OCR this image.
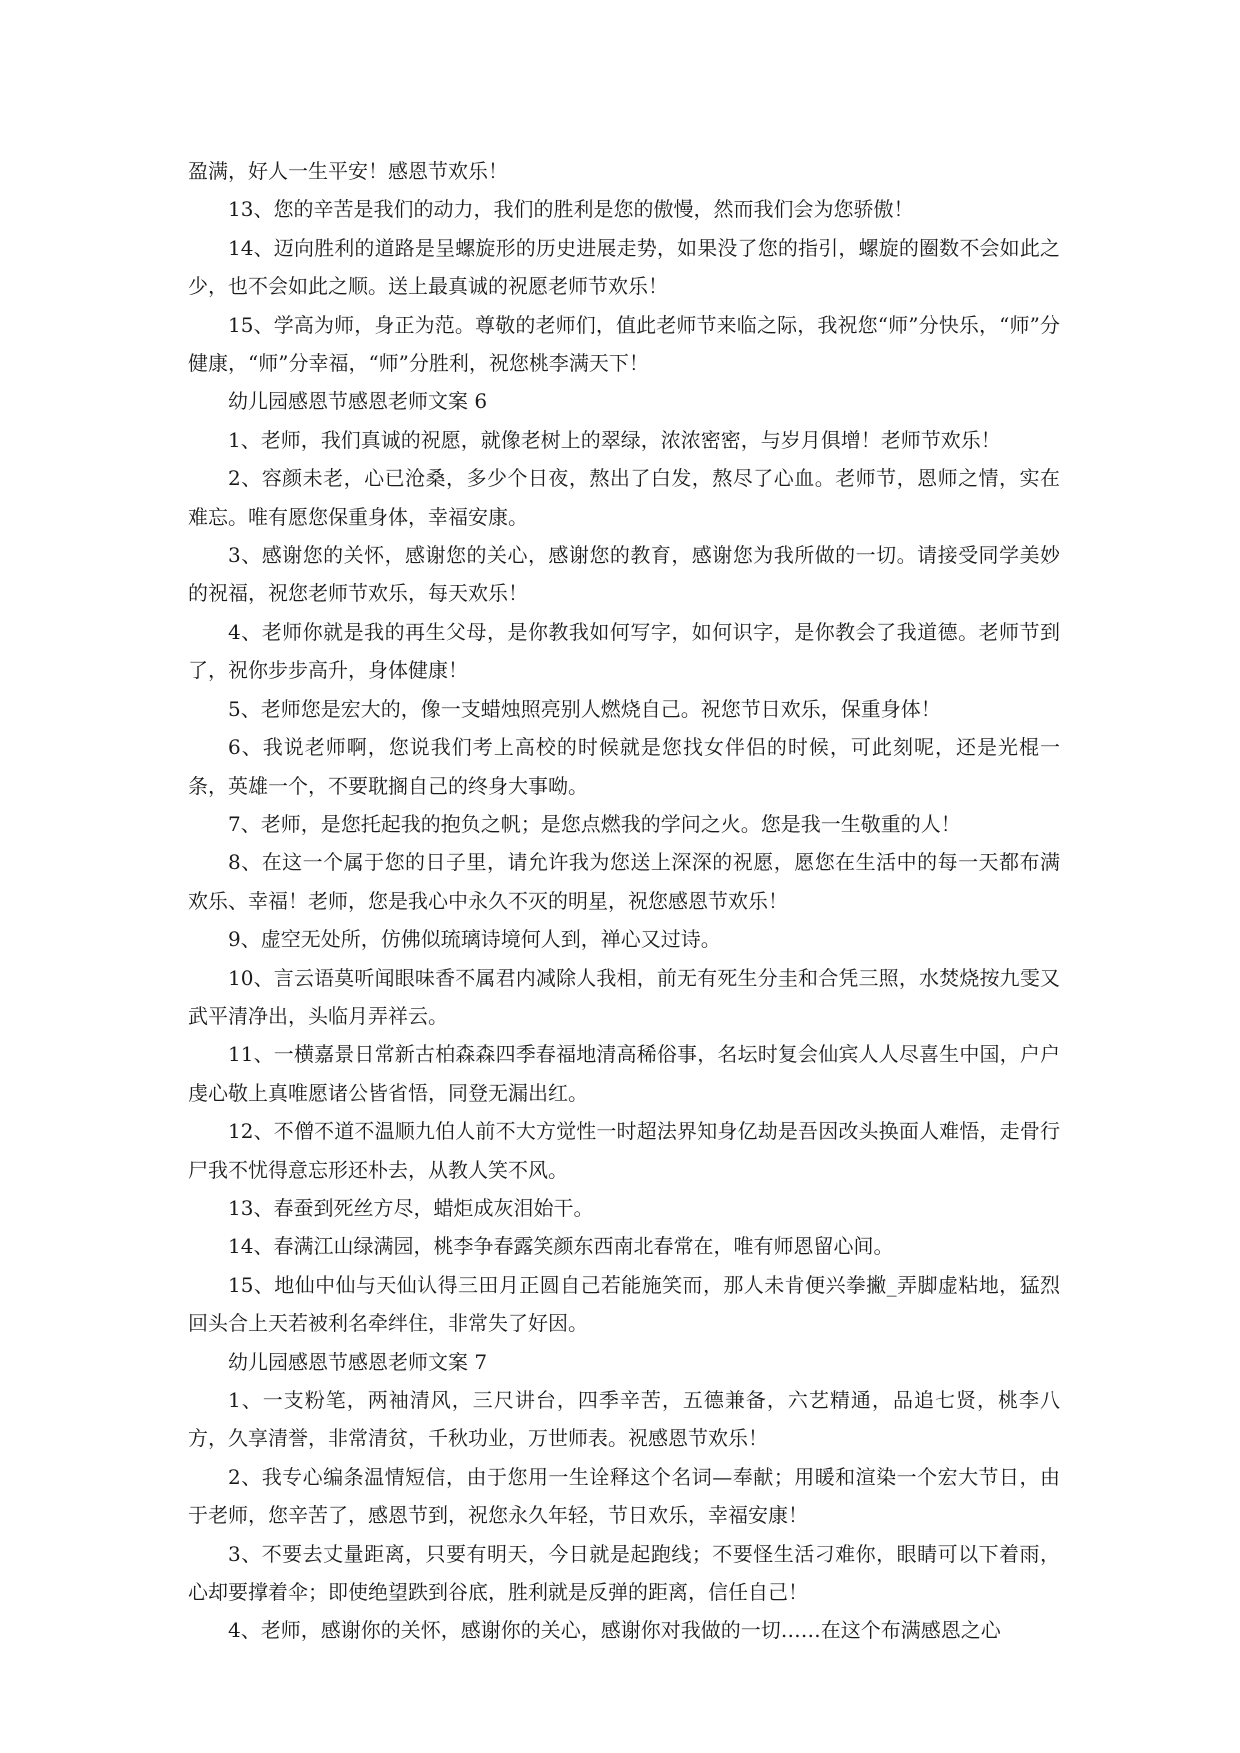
盈满，好人一生平安！感恩节欢乐！

13、您的辛苦是我们的动力，我们的胜利是您的傲慢，然而我们会为您骄傲！

14、迈向胜利的道路是呈螺旋形的历史进展走势，如果没了您的指引，螺旋的圈数不会如此之少，也不会如此之顺。送上最真诚的祝愿老师节欢乐！

15、学高为师，身正为范。尊敬的老师们，值此老师节来临之际，我祝您“师”分快乐，“师”分健康，“师”分幸福，“师”分胜利，祝您桃李满天下！

幼儿园感恩节感恩老师文案 6

1、老师，我们真诚的祝愿，就像老树上的翠绿，浓浓密密，与岁月俱增！老师节欢乐！

2、容颜未老，心已沧桑，多少个日夜，熬出了白发，熬尽了心血。老师节，恩师之情，实在难忘。唯有愿您保重身体，幸福安康。

3、感谢您的关怀，感谢您的关心，感谢您的教育，感谢您为我所做的一切。请接受同学美妙的祝福，祝您老师节欢乐，每天欢乐！

4、老师你就是我的再生父母，是你教我如何写字，如何识字，是你教会了我道德。老师节到了，祝你步步高升，身体健康！

5、老师您是宏大的，像一支蜡烛照亮别人燃烧自己。祝您节日欢乐，保重身体！

6、我说老师啊，您说我们考上高校的时候就是您找女伴侣的时候，可此刻呢，还是光棍一条，英雄一个，不要耽搁自己的终身大事呦。

7、老师，是您托起我的抱负之帆；是您点燃我的学问之火。您是我一生敬重的人！

8、在这一个属于您的日子里，请允许我为您送上深深的祝愿，愿您在生活中的每一天都布满欢乐、幸福！老师，您是我心中永久不灭的明星，祝您感恩节欢乐！

9、虚空无处所，仿佛似琉璃诗境何人到，禅心又过诗。

10、言云语莫听闻眼味香不属君内减除人我相，前无有死生分圭和合凭三照，水焚烧按九雯又武平清净出，头临月弄祥云。

11、一横嘉景日常新古柏森森四季春福地清高稀俗事，名坛时复会仙宾人人尽喜生中国，户户虔心敬上真唯愿诸公皆省悟，同登无漏出红。

12、不僧不道不温顺九伯人前不大方觉性一时超法界知身亿劫是吾因改头换面人难悟，走骨行尸我不忧得意忘形还朴去，从教人笑不风。

13、春蚕到死丝方尽，蜡炬成灰泪始干。

14、春满江山绿满园，桃李争春露笑颜东西南北春常在，唯有师恩留心间。

15、地仙中仙与天仙认得三田月正圆自己若能施笑而，那人未肯便兴拳撇_弄脚虚粘地，猛烈回头合上天若被利名牵绊住，非常失了好因。

幼儿园感恩节感恩老师文案 7

1、一支粉笔，两袖清风，三尺讲台，四季辛苦，五德兼备，六艺精通，品追七贤，桃李八方，久享清誉，非常清贫，千秋功业，万世师表。祝感恩节欢乐！

2、我专心编条温情短信，由于您用一生诠释这个名词—奉献；用暖和渲染一个宏大节日，由于老师，您辛苦了，感恩节到，祝您永久年轻，节日欢乐，幸福安康！

3、不要去丈量距离，只要有明天，今日就是起跑线；不要怪生活刁难你，眼睛可以下着雨，心却要撑着伞；即使绝望跌到谷底，胜利就是反弹的距离，信任自己！

4、老师，感谢你的关怀，感谢你的关心，感谢你对我做的一切……在这个布满感恩之心
